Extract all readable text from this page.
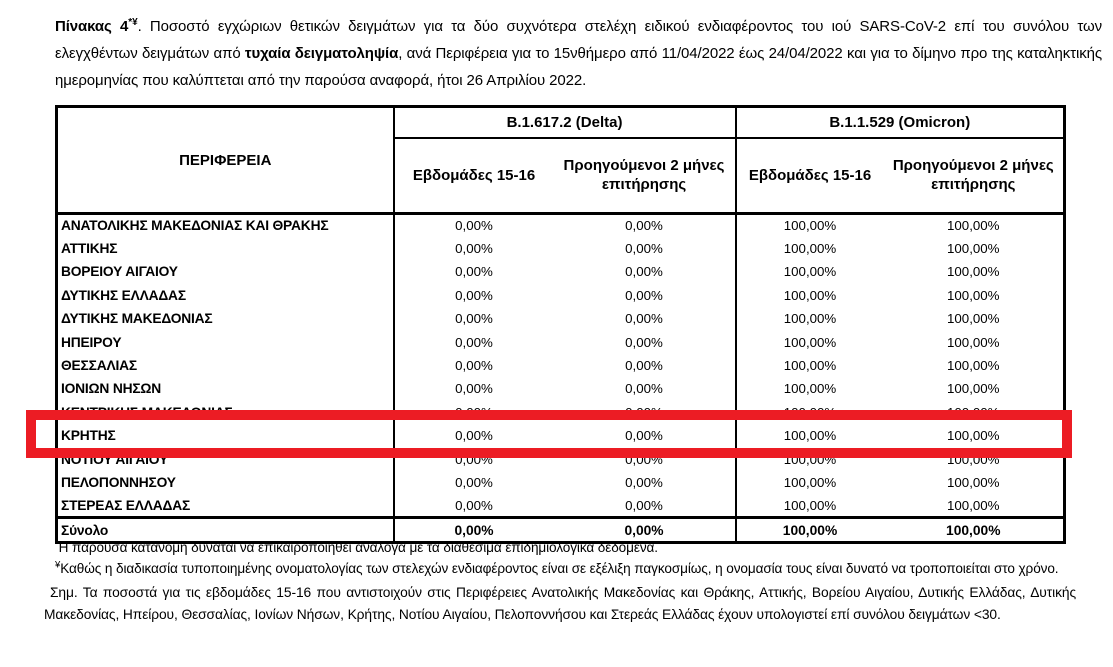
Πίνακας 4*¥. Ποσοστό εγχώριων θετικών δειγμάτων για τα δύο συχνότερα στελέχη ειδικού ενδιαφέροντος του ιού SARS-CoV-2 επί του συνόλου των ελεγχθέντων δειγμάτων από τυχαία δειγματοληψία, ανά Περιφέρεια για το 15νθήμερο από 11/04/2022 έως 24/04/2022 και για το δίμηνο προ της καταληκτικής ημερομηνίας που καλύπτεται από την παρούσα αναφορά, ήτοι 26 Απριλίου 2022.

ΠΕΡΙΦΕΡΕΙΑ	B.1.617.2 (Delta)		B.1.1.529 (Omicron)	
	Εβδομάδες 15-16	Προηγούμενοι 2 μήνες επιτήρησης	Εβδομάδες 15-16	Προηγούμενοι 2 μήνες επιτήρησης
ΑΝΑΤΟΛΙΚΗΣ ΜΑΚΕΔΟΝΙΑΣ ΚΑΙ ΘΡΑΚΗΣ	0,00%	0,00%	100,00%	100,00%
ΑΤΤΙΚΗΣ	0,00%	0,00%	100,00%	100,00%
ΒΟΡΕΙΟΥ ΑΙΓΑΙΟΥ	0,00%	0,00%	100,00%	100,00%
ΔΥΤΙΚΗΣ ΕΛΛΑΔΑΣ	0,00%	0,00%	100,00%	100,00%
ΔΥΤΙΚΗΣ ΜΑΚΕΔΟΝΙΑΣ	0,00%	0,00%	100,00%	100,00%
ΗΠΕΙΡΟΥ	0,00%	0,00%	100,00%	100,00%
ΘΕΣΣΑΛΙΑΣ	0,00%	0,00%	100,00%	100,00%
ΙΟΝΙΩΝ ΝΗΣΩΝ	0,00%	0,00%	100,00%	100,00%
ΚΕΝΤΡΙΚΗΣ ΜΑΚΕΔΟΝΙΑΣ	0,00%	0,00%	100,00%	100,00%
ΚΡΗΤΗΣ	0,00%	0,00%	100,00%	100,00%
ΝΟΤΙΟΥ ΑΙΓΑΙΟΥ	0,00%	0,00%	100,00%	100,00%
ΠΕΛΟΠΟΝΝΗΣΟΥ	0,00%	0,00%	100,00%	100,00%
ΣΤΕΡΕΑΣ ΕΛΛΑΔΑΣ	0,00%	0,00%	100,00%	100,00%
Σύνολο	0,00%	0,00%	100,00%	100,00%

*Η παρούσα κατανομή δύναται να επικαιροποιηθεί ανάλογα με τα διαθέσιμα επιδημιολογικά δεδομένα.

¥Καθώς η διαδικασία τυποποιημένης ονοματολογίας των στελεχών ενδιαφέροντος είναι σε εξέλιξη παγκοσμίως, η ονομασία τους είναι δυνατό να τροποποιείται στο χρόνο.

Σημ. Τα ποσοστά για τις εβδομάδες 15-16 που αντιστοιχούν στις Περιφέρειες Ανατολικής Μακεδονίας και Θράκης, Αττικής, Βορείου Αιγαίου, Δυτικής Ελλάδας, Δυτικής Μακεδονίας, Ηπείρου, Θεσσαλίας, Ιονίων Νήσων, Κρήτης, Νοτίου Αιγαίου, Πελοποννήσου και Στερεάς Ελλάδας έχουν υπολογιστεί επί συνόλου δειγμάτων <30.
